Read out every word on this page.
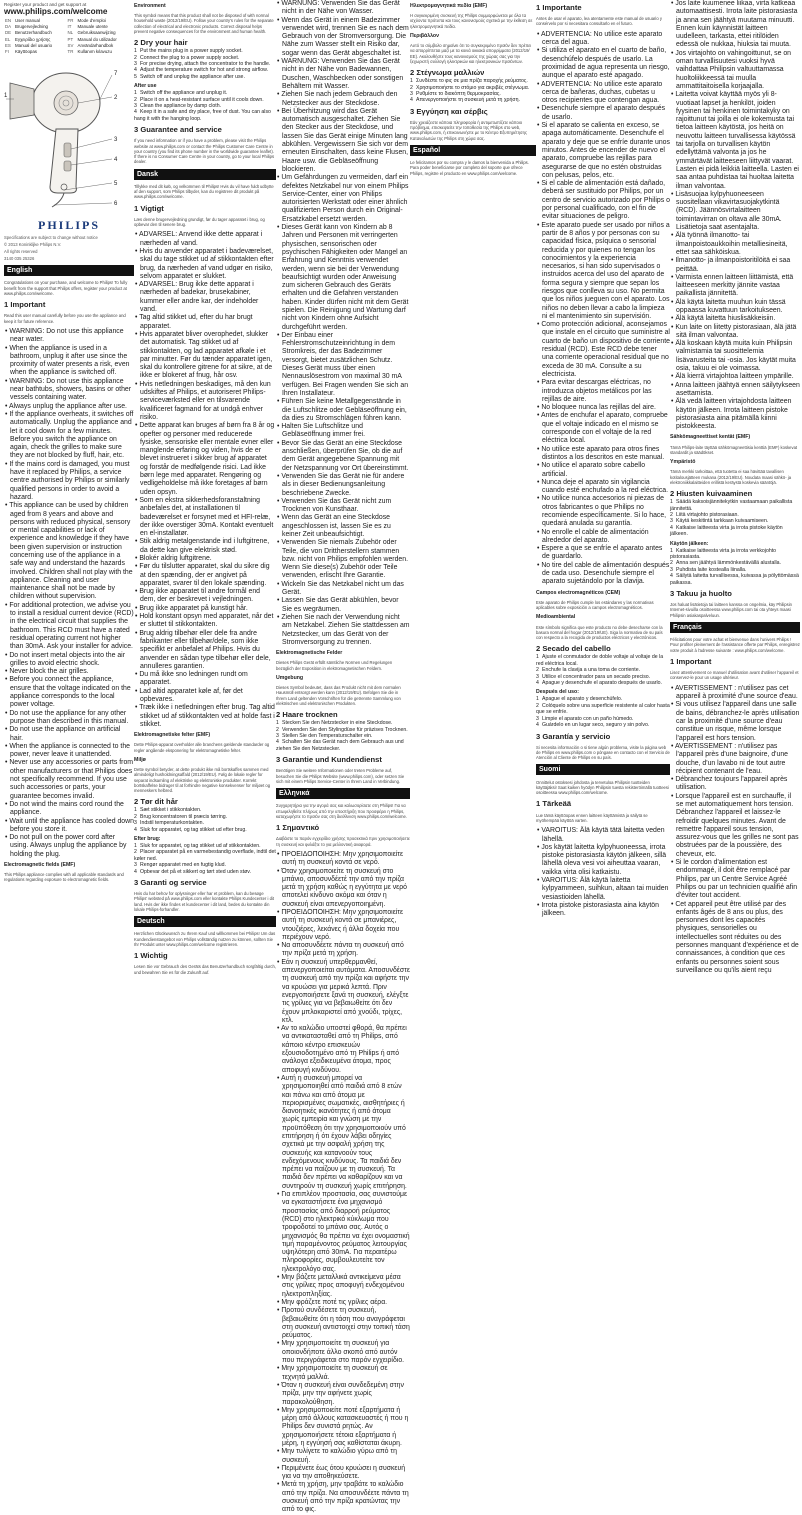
Register your product and get support at

www.philips.com/welcome

EN	User manual	FR	Mode d'emploi
DA	Brugervejledning	IT	Manuale utente
DE	Benutzerhandbuch	NL	Gebruiksaanwijzing
EL	Εγχειρίδιο χρήσης	PT	Manual do utilizador
ES	Manual del usuario	SV	Användarhandbok
FI	Käyttöopas	TR	Kullanım kılavuzu
1	2
3
4
5
6
7
PHILIPS

Specifications are subject to change without notice

© 2013 Koninklijke Philips N.V.

All rights reserved

3140 035 25326

English

Congratulations on your purchase, and welcome to Philips! To fully benefit from the support that Philips offers, register your product at www.philips.com/welcome.

1 Important

Read this user manual carefully before you use the appliance and keep it for future reference.

• WARNING: Do not use this appliance near water.

• When the appliance is used in a bathroom, unplug it after use since the proximity of water presents a risk, even when the appliance is switched off.

• WARNING: Do not use this appliance near bathtubs, showers, basins or other vessels containing water.

• Always unplug the appliance after use.

• If the appliance overheats, it switches off automatically. Unplug the appliance and let it cool down for a few minutes. Before you switch the appliance on again, check the grilles to make sure they are not blocked by fluff, hair, etc.

• If the mains cord is damaged, you must have it replaced by Philips, a service centre authorised by Philips or similarly qualified persons in order to avoid a hazard.

• This appliance can be used by children aged from 8 years and above and persons with reduced physical, sensory or mental capabilities or lack of experience and knowledge if they have been given supervision or instruction concerning use of the appliance in a safe way and understand the hazards involved. Children shall not play with the appliance. Cleaning and user maintenance shall not be made by children without supervision.

• For additional protection, we advise you to install a residual current device (RCD) in the electrical circuit that supplies the bathroom. This RCD must have a rated residual operating current not higher than 30mA. Ask your installer for advice.

• Do not insert metal objects into the air grilles to avoid electric shock.

• Never block the air grilles.

• Before you connect the appliance, ensure that the voltage indicated on the appliance corresponds to the local power voltage.

• Do not use the appliance for any other purpose than described in this manual.

• Do not use the appliance on artificial hair.

• When the appliance is connected to the power, never leave it unattended.

• Never use any accessories or parts from other manufacturers or that Philips does not specifically recommend. If you use such accessories or parts, your guarantee becomes invalid.

• Do not wind the mains cord round the appliance.

• Wait until the appliance has cooled down before you store it.

• Do not pull on the power cord after using. Always unplug the appliance by holding the plug.

Electromagnetic fields (EMF)

This Philips appliance complies with all applicable standards and regulations regarding exposure to electromagnetic fields.

Environment

This symbol means that this product shall not be disposed of with normal household waste (2012/19/EU). Follow your country's rules for the separate collection of electrical and electronic products. Correct disposal helps prevent negative consequences for the environment and human health.

2 Dry your hair

1 Put the mains plug in a power supply socket.

2 Connect the plug to a power supply socket.

3 For precise drying, attach the concentrator to the handle.

4 Adjust the temperature switch for hot and strong airflow.

5 Switch off and unplug the appliance after use.

After use

1 Switch off the appliance and unplug it.

2 Place it on a heat-resistant surface until it cools down.

3 Clean the appliance by damp cloth.

4 Keep it in a safe and dry place, free of dust. You can also hang it with the hanging loop.

3 Guarantee and service

If you need information or if you have a problem, please visit the Philips website at www.philips.com or contact the Philips Customer Care Centre in your country (you find its phone number in the worldwide guarantee leaflet). If there is no Consumer Care Centre in your country, go to your local Philips dealer.

Dansk

Tillykke med dit køb, og velkommen til Philips! Hvis du vil have fuldt udbytte af den support, som Philips tilbyder, kan du registrere dit produkt på www.philips.com/welcome.

1 Vigtigt

Læs denne brugervejledning grundigt, før du tager apparatet i brug, og opbevar den til senere brug.

• ADVARSEL: Anvend ikke dette apparat i nærheden af vand.

• Hvis du anvender apparatet i badeværelset, skal du tage stikket ud af stikkontakten efter brug, da nærheden af vand udgør en risiko, selvom apparatet er slukket.

• ADVARSEL: Brug ikke dette apparat i nærheden af badekar, brusekabiner, kummer eller andre kar, der indeholder vand.

• Tag altid stikket ud, efter du har brugt apparatet.

• Hvis apparatet bliver overophedet, slukker det automatisk. Tag stikket ud af stikkontakten, og lad apparatet afkøle i et par minutter. Før du tænder apparatet igen, skal du kontrollere gitrene for at sikre, at de ikke er blokeret af fnug, hår osv.

• Hvis netledningen beskadiges, må den kun udskiftes af Philips, et autoriseret Philips-serviceværksted eller en tilsvarende kvalificeret fagmand for at undgå enhver risiko.

• Dette apparat kan bruges af børn fra 8 år og opefter og personer med reducerede fysiske, sensoriske eller mentale evner eller manglende erfaring og viden, hvis de er blevet instrueret i sikker brug af apparatet og forstår de medfølgende risici. Lad ikke børn lege med apparatet. Rengøring og vedligeholdelse må ikke foretages af børn uden opsyn.

• Som en ekstra sikkerhedsforanstaltning anbefales det, at installationen til badeværelset er forsynet med et HFI-relæ, der ikke overstiger 30mA. Kontakt eventuelt en el-installatør.

• Stik aldrig metalgenstande ind i luftgitrene, da dette kan give elektrisk stød.

• Blokér aldrig luftgitrene.

• Før du tilslutter apparatet, skal du sikre dig at den spænding, der er angivet på apparatet, svarer til den lokale spænding.

• Brug ikke apparatet til andre formål end dem, der er beskrevet i vejledningen.

• Brug ikke apparatet på kunstigt hår.

• Hold konstant opsyn med apparatet, når det er sluttet til stikkontakten.

• Brug aldrig tilbehør eller dele fra andre fabrikanter eller tilbehør/dele, som ikke specifikt er anbefalet af Philips. Hvis du anvender en sådan type tilbehør eller dele, annulleres garantien.

• Du må ikke sno ledningen rundt om apparatet.

• Lad altid apparatet køle af, før det opbevares.

• Træk ikke i netledningen efter brug. Tag altid stikket ud af stikkontakten ved at holde fast i stikket.

Elektromagnetiske felter (EMF)

Dette Philips-apparat overholder alle branchens gældende standarder og regler angående eksponering for elektromagnetiske felter.

Miljø

Dette symbol betyder, at dette produkt ikke må bortskaffes sammen med almindeligt husholdningsaffald (2012/19/EU). Følg de lokale regler for separat indsamling af elektriske og elektroniske produkter. Korrekt bortskaffelse bidrager til at forhindre negative konsekvenser for miljøet og menneskers helbred.

2 Tør dit hår

1 Sæt stikket i stikkontakten.

2 Brug koncentratoren til præcis tørring.

3 Indstil temperaturkontakten.

4 Sluk for apparatet, og tag stikket ud efter brug.

Efter brug:

1 Sluk for apparatet, og tag stikket ud af stikkontakten.

2 Placer apparatet på en varmebestandig overflade, indtil det køler ned.

3 Rengør apparatet med en fugtig klud.

4 Opbevar det på et sikkert og tørt sted uden støv.

3 Garanti og service

Hvis du har behov for oplysninger eller har et problem, kan du besøge Philips' websted på www.philips.com eller kontakte Philips Kundecenter i dit land. Hvis der ikke findes et kundecenter i dit land, bedes du kontakte din lokale Philips-forhandler.

Deutsch

Herzlichen Glückwunsch zu Ihrem Kauf und willkommen bei Philips! Um das Kundendienstangebot von Philips vollständig nutzen zu können, sollten Sie Ihr Produkt unter www.philips.com/welcome registrieren.

1 Wichtig

Lesen Sie vor Gebrauch des Geräts das Benutzerhandbuch sorgfältig durch, und bewahren Sie es für die Zukunft auf.

• WARNUNG: Verwenden Sie das Gerät nicht in der Nähe von Wasser.

• Wenn das Gerät in einem Badezimmer verwendet wird, trennen Sie es nach dem Gebrauch von der Stromversorgung. Die Nähe zum Wasser stellt ein Risiko dar, sogar wenn das Gerät abgeschaltet ist.

• WARNUNG: Verwenden Sie das Gerät nicht in der Nähe von Badewannen, Duschen, Waschbecken oder sonstigen Behältern mit Wasser.

• Ziehen Sie nach jedem Gebrauch den Netzstecker aus der Steckdose.

• Bei Überhitzung wird das Gerät automatisch ausgeschaltet. Ziehen Sie den Stecker aus der Steckdose, und lassen Sie das Gerät einige Minuten lang abkühlen. Vergewissern Sie sich vor dem erneuten Einschalten, dass keine Flusen, Haare usw. die Gebläseöffnung blockieren.

• Um Gefährdungen zu vermeiden, darf ein defektes Netzkabel nur von einem Philips Service-Center, einer von Philips autorisierten Werkstatt oder einer ähnlich qualifizierten Person durch ein Original-Ersatzkabel ersetzt werden.

• Dieses Gerät kann von Kindern ab 8 Jahren und Personen mit verringerten physischen, sensorischen oder psychischen Fähigkeiten oder Mangel an Erfahrung und Kenntnis verwendet werden, wenn sie bei der Verwendung beaufsichtigt wurden oder Anweisung zum sicheren Gebrauch des Geräts erhalten und die Gefahren verstanden haben. Kinder dürfen nicht mit dem Gerät spielen. Die Reinigung und Wartung darf nicht von Kindern ohne Aufsicht durchgeführt werden.

• Der Einbau einer Fehlerstromschutzeinrichtung in dem Stromkreis, der das Badezimmer versorgt, bietet zusätzlichen Schutz. Dieses Gerät muss über einen Nennauslösestrom von maximal 30 mA verfügen. Bei Fragen wenden Sie sich an Ihren Installateur.

• Führen Sie keine Metallgegenstände in die Luftschlitze oder Gebläseöffnung ein, da dies zu Stromschlägen führen kann.

• Halten Sie Luftschlitze und Gebläseöffnung immer frei.

• Bevor Sie das Gerät an eine Steckdose anschließen, überprüfen Sie, ob die auf dem Gerät angegebene Spannung mit der Netzspannung vor Ort übereinstimmt.

• Verwenden Sie das Gerät nie für andere als in dieser Bedienungsanleitung beschriebene Zwecke.

• Verwenden Sie das Gerät nicht zum Trocknen von Kunsthaar.

• Wenn das Gerät an eine Steckdose angeschlossen ist, lassen Sie es zu keiner Zeit unbeaufsichtigt.

• Verwenden Sie niemals Zubehör oder Teile, die von Drittherstellern stammen bzw. nicht von Philips empfohlen werden. Wenn Sie diese(s) Zubehör oder Teile verwenden, erlischt Ihre Garantie.

• Wickeln Sie das Netzkabel nicht um das Gerät.

• Lassen Sie das Gerät abkühlen, bevor Sie es wegräumen.

• Ziehen Sie nach der Verwendung nicht am Netzkabel. Ziehen Sie stattdessen am Netzstecker, um das Gerät von der Stromversorgung zu trennen.

Elektromagnetische Felder

Dieses Philips Gerät erfüllt sämtliche Normen und Regelungen bezüglich der Exposition in elektromagnetischen Feldern.

Umgebung

Dieses Symbol bedeutet, dass das Produkt nicht mit dem normalen Hausmüll entsorgt werden kann (2012/19/EU). Befolgen Sie die in Ihrem Land geltenden Vorschriften für die getrennte Sammlung von elektrischen und elektronischen Produkten.

2 Haare trocknen

1 Stecken Sie den Netzstecker in eine Steckdose.

2 Verwenden Sie den Stylingdüse für präzises Trocknen.

3 Stellen Sie den Temperaturschalter ein.

4 Schalten Sie das Gerät nach dem Gebrauch aus und ziehen Sie den Netzstecker.

3 Garantie und Kundendienst

Benötigen Sie weitere Informationen oder treten Probleme auf, besuchen Sie die Philips Website (www.philips.com), oder setzen Sie sich mit einem Philips Service-Center in Ihrem Land in Verbindung.

Ελληνικά

Συγχαρητήρια για την αγορά σας και καλωσορίσατε στη Philips! Για να επωφεληθείτε πλήρως από την υποστήριξη που προσφέρει η Philips, καταχωρήστε το προϊόν σας στη διεύθυνση www.philips.com/welcome.

1 Σημαντικό

Διαβάστε το παρόν εγχειρίδιο χρήσης προσεκτικά πριν χρησιμοποιήσετε τη συσκευή και φυλάξτε το για μελλοντική αναφορά.

• ΠΡΟΕΙΔΟΠΟΙΗΣΗ: Μην χρησιμοποιείτε αυτή τη συσκευή κοντά σε νερό.

• Όταν χρησιμοποιείτε τη συσκευή στο μπάνιο, αποσυνδέετέ την από την πρίζα μετά τη χρήση καθώς η εγγύτητα με νερό αποτελεί κίνδυνο ακόμα και όταν η συσκευή είναι απενεργοποιημένη.

• ΠΡΟΕΙΔΟΠΟΙΗΣΗ: Μην χρησιμοποιείτε αυτή τη συσκευή κοντά σε μπανιέρες, ντουζιέρες, λεκάνες ή άλλα δοχεία που περιέχουν νερό.

• Να αποσυνδέετε πάντα τη συσκευή από την πρίζα μετά τη χρήση.

• Εάν η συσκευή υπερθερμανθεί, απενεργοποιείται αυτόματα. Αποσυνδέστε τη συσκευή από την πρίζα και αφήστε την να κρυώσει για μερικά λεπτά. Πριν ενεργοποιήσετε ξανά τη συσκευή, ελέγξτε τις γρίλιες για να βεβαιωθείτε ότι δεν έχουν μπλοκαριστεί από χνούδι, τρίχες, κτλ.

• Αν το καλώδιο υποστεί φθορά, θα πρέπει να αντικατασταθεί από τη Philips, από κάποιο κέντρο επισκευών εξουσιοδοτημένο από τη Philips ή από ανάλογα εξειδικευμένα άτομα, προς αποφυγή κινδύνου.

• Αυτή η συσκευή μπορεί να χρησιμοποιηθεί από παιδιά από 8 ετών και πάνω και από άτομα με περιορισμένες σωματικές, αισθητήριες ή διανοητικές ικανότητες ή από άτομα χωρίς εμπειρία και γνώση με την προϋπόθεση ότι την χρησιμοποιούν υπό επιτήρηση ή ότι έχουν λάβει οδηγίες σχετικά με την ασφαλή χρήση της συσκευής και κατανοούν τους ενδεχόμενους κινδύνους. Τα παιδιά δεν πρέπει να παίζουν με τη συσκευή. Τα παιδιά δεν πρέπει να καθαρίζουν και να συντηρούν τη συσκευή χωρίς επιτήρηση.

• Για επιπλέον προστασία, σας συνιστούμε να εγκαταστήσετε ένα μηχανισμό προστασίας από διαρροή ρεύματος (RCD) στο ηλεκτρικό κύκλωμα που τροφοδοτεί το μπάνιο σας. Αυτός ο μηχανισμός θα πρέπει να έχει ονομαστική τιμή παραμένοντος ρεύματος λειτουργίας υψηλότερη από 30mA. Για περαιτέρω πληροφορίες, συμβουλευτείτε τον ηλεκτρολόγο σας.

• Μην βάζετε μεταλλικά αντικείμενα μέσα στις γρίλιες προς αποφυγή ενδεχομένου ηλεκτροπληξίας.

• Μην φράζετε ποτέ τις γρίλιες αέρα.

• Προτού συνδέσετε τη συσκευή, βεβαιωθείτε ότι η τάση που αναγράφεται στη συσκευή αντιστοιχεί στην τοπική τάση ρεύματος.

• Μην χρησιμοποιείτε τη συσκευή για οποιονδήποτε άλλο σκοπό από αυτόν που περιγράφεται στο παρόν εγχειρίδιο.

• Μην χρησιμοποιείτε τη συσκευή σε τεχνητά μαλλιά.

• Όταν η συσκευή είναι συνδεδεμένη στην πρίζα, μην την αφήνετε χωρίς παρακολούθηση.

• Μην χρησιμοποιείτε ποτέ εξαρτήματα ή μέρη από άλλους κατασκευαστές ή που η Philips δεν συνιστά ρητώς. Αν χρησιμοποιήσετε τέτοια εξαρτήματα ή μέρη, η εγγύησή σας καθίσταται άκυρη.

• Μην τυλίγετε το καλώδιο γύρω από τη συσκευή.

• Περιμένετε έως ότου κρυώσει η συσκευή για να την αποθηκεύσετε.

• Μετά τη χρήση, μην τραβάτε το καλώδιο από την πρίζα. Να αποσυνδέετε πάντα τη συσκευή από την πρίζα κρατώντας την από το φις.

Ηλεκτρομαγνητικά πεδία (EMF)

Η συγκεκριμένη συσκευή της Philips συμμορφώνεται με όλα τα ισχύοντα πρότυπα και τους κανονισμούς σχετικά με την έκθεση σε ηλεκτρομαγνητικά πεδία.

Περιβάλλον

Αυτό το σύμβολο σημαίνει ότι το συγκεκριμένο προϊόν δεν πρέπει να απορρίπτεται μαζί με τα κοινά οικιακά απορρίμματα (2012/19/ΕΕ). Ακολουθήστε τους κανονισμούς της χώρας σας για την ξεχωριστή συλλογή ηλεκτρικών και ηλεκτρονικών προϊόντων.

2 Στέγνωμα μαλλιών

1 Συνδέστε το φις σε μια πρίζα παροχής ρεύματος.

2 Χρησιμοποιήστε το στόμιο για ακριβές στέγνωμα.

3 Ρυθμίστε το διακόπτη θερμοκρασίας.

4 Απενεργοποιήστε τη συσκευή μετά τη χρήση.

3 Εγγύηση και σέρβις

Εάν χρειάζεστε κάποια πληροφορία ή αντιμετωπίζετε κάποιο πρόβλημα, επισκεφτείτε την τοποθεσία της Philips στο web, www.philips.com, ή επικοινωνήστε με το Κέντρο Εξυπηρέτησης Καταναλωτών της Philips στη χώρα σας.

Español

Le felicitamos por su compra y le damos la bienvenida a Philips. Para poder beneficiarse por completo del soporte que ofrece Philips, registre el producto en www.philips.com/welcome.

1 Importante

Antes de usar el aparato, lea atentamente este manual de usuario y consérvelo por si necesitara consultarlo en el futuro.

• ADVERTENCIA: No utilice este aparato cerca del agua.

• Si utiliza el aparato en el cuarto de baño, desenchúfelo después de usarlo. La proximidad de agua representa un riesgo, aunque el aparato esté apagado.

• ADVERTENCIA: No utilice este aparato cerca de bañeras, duchas, cubetas u otros recipientes que contengan agua.

• Desenchufe siempre el aparato después de usarlo.

• Si el aparato se calienta en exceso, se apaga automáticamente. Desenchufe el aparato y deje que se enfríe durante unos minutos. Antes de encender de nuevo el aparato, compruebe las rejillas para asegurarse de que no estén obstruidas con pelusas, pelos, etc.

• Si el cable de alimentación está dañado, deberá ser sustituido por Philips, por un centro de servicio autorizado por Philips o por personal cualificado, con el fin de evitar situaciones de peligro.

• Este aparato puede ser usado por niños a partir de 8 años y por personas con su capacidad física, psíquica o sensorial reducida y por quienes no tengan los conocimientos y la experiencia necesarios, si han sido supervisados o instruidos acerca del uso del aparato de forma segura y siempre que sepan los riesgos que conlleva su uso. No permita que los niños jueguen con el aparato. Los niños no deben llevar a cabo la limpieza ni el mantenimiento sin supervisión.

• Como protección adicional, aconsejamos que instale en el circuito que suministre al cuarto de baño un dispositivo de corriente residual (RCD). Este RCD debe tener una corriente operacional residual que no exceda de 30 mA. Consulte a su electricista.

• Para evitar descargas eléctricas, no introduzca objetos metálicos por las rejillas de aire.

• No bloquee nunca las rejillas del aire.

• Antes de enchufar el aparato, compruebe que el voltaje indicado en el mismo se corresponde con el voltaje de la red eléctrica local.

• No utilice este aparato para otros fines distintos a los descritos en este manual.

• No utilice el aparato sobre cabello artificial.

• Nunca deje el aparato sin vigilancia cuando esté enchufado a la red eléctrica.

• No utilice nunca accesorios ni piezas de otros fabricantes o que Philips no recomiende específicamente. Si lo hace, quedará anulada su garantía.

• No enrolle el cable de alimentación alrededor del aparato.

• Espere a que se enfríe el aparato antes de guardarlo.

• No tire del cable de alimentación después de cada uso. Desenchufe siempre el aparato sujetándolo por la clavija.

Campos electromagnéticos (CEM)

Este aparato de Philips cumple los estándares y las normativas aplicables sobre exposición a campos electromagnéticos.

Medioambiental

Este símbolo significa que este producto no debe desecharse con la basura normal del hogar (2012/19/UE). Siga la normativa de su país con respecto a la recogida de productos eléctricos y electrónicos.

2 Secado del cabello

1 Ajuste el conmutador de doble voltaje al voltaje de la red eléctrica local.

2 Enchufe la clavija a una toma de corriente.

3 Utilice el concentrador para un secado preciso.

4 Apague y desenchufe el aparato después de usarlo.

Después del uso:

1 Apague el aparato y desenchúfelo.

2 Colóquelo sobre una superficie resistente al calor hasta que se enfríe.

3 Limpie el aparato con un paño húmedo.

4 Guárdelo en un lugar seco, seguro y sin polvo.

3 Garantía y servicio

Si necesita información o si tiene algún problema, visite la página web de Philips en www.philips.com o póngase en contacto con el Servicio de Atención al Cliente de Philips en su país.

Suomi

Onnittelut ostoksesi johdosta ja tervetuloa Philipsin tuotteiden käyttäjäksi! Saat kaiken hyödyn Philipsin tuesta rekisteröimällä tuotteesi osoitteessa www.philips.com/welcome.

1 Tärkeää

Lue tämä käyttöopas ennen laitteen käyttämistä ja säilytä se myöhempää käyttöä varten.

• VAROITUS: Älä käytä tätä laitetta veden lähellä.

• Jos käytät laitetta kylpyhuoneessa, irrota pistoke pistorasiasta käytön jälkeen, sillä lähellä oleva vesi voi aiheuttaa vaaran, vaikka virta olisi katkaistu.

• VAROITUS: Älä käytä laitetta kylpyammeen, suihkun, altaan tai muiden vesiastioiden lähellä.

• Irrota pistoke pistorasiasta aina käytön jälkeen.

• Jos laite kuumenee liikaa, virta katkeaa automaattisesti. Irrota laite pistorasiasta ja anna sen jäähtyä muutama minuutti. Ennen kuin käynnistät laitteen uudelleen, tarkasta, ettei ritilöiden edessä ole nukkaa, hiuksia tai muuta.

• Jos virtajohto on vahingoittunut, se on oman turvallisuutesi vuoksi hyvä vaihdattaa Philipsin valtuuttamassa huoltoliikkeessä tai muulla ammattitaitoisella korjaajalla.

• Laitetta voivat käyttää myös yli 8-vuotiaat lapset ja henkilöt, joiden fyysinen tai henkinen toimintakyky on rajoittunut tai joilla ei ole kokemusta tai tietoa laitteen käytöstä, jos heitä on neuvottu laitteen turvallisessa käytössä tai tarjolla on turvallisen käytön edellyttämä valvonta ja jos he ymmärtävät laitteeseen liittyvät vaarat. Lasten ei pidä leikkiä laitteella. Lasten ei saa antaa puhdistaa tai huoltaa laitetta ilman valvontaa.

• Lisäsuojaa kylpyhuoneeseen suositellaan vikavirtasuojakytkintä (RCD). Jäännösvirtalaitteen toimintavirran on oltava alle 30mA. Lisätietoja saat asentajalta.

• Älä työnnä ilmanotto- tai ilmanpoistoaukkoihin metalliesineitä, ettet saa sähköiskua.

• Ilmanotto- ja ilmanpoistoritilöitä ei saa peittää.

• Varmista ennen laitteen liittämistä, että laitteeseen merkitty jännite vastaa paikallista jännitettä.

• Älä käytä laitetta muuhun kuin tässä oppaassa kuvattuun tarkoitukseen.

• Älä käytä laitetta hiuslisäkkeisiin.

• Kun laite on liitetty pistorasiaan, älä jätä sitä ilman valvontaa.

• Älä koskaan käytä muita kuin Philipsin valmistamia tai suosittelemia lisävarusteita tai -osia. Jos käytät muita osia, takuu ei ole voimassa.

• Älä kierrä virtajohtoa laitteen ympärille.

• Anna laitteen jäähtyä ennen säilytykseen asettamista.

• Älä vedä laitteen virtajohdosta laitteen käytön jälkeen. Irrota laitteen pistoke pistorasiasta aina pitämällä kiinni pistokkeesta.

Sähkömagneettiset kentät (EMF)

Tämä Philips-laite täyttää sähkömagneettisia kenttiä (EMF) koskevat standardit ja säädökset.

Ympäristö

Tämä merkki tarkoittaa, että tuotetta ei saa hävittää tavallisen kotitalousjätteen mukana (2012/19/EU). Noudata maasi sähkö- ja elektroniikkalaitteiden erillistä keräystä koskevia sääntöjä.

2 Hiusten kuivaaminen

1 Säädä kaksoisjännitekytkin vastaamaan paikallista jännitettä.

2 Liitä virtajohto pistorasiaan.

3 Käytä keskitintä tarkkaan kuivaamiseen.

4 Katkaise laitteesta virta ja irrota pistoke käytön jälkeen.

Käytön jälkeen:

1 Katkaise laitteesta virta ja irrota verkkojohto pistorasiasta.

2 Anna sen jäähtyä lämmönkestävällä alustalla.

3 Puhdista laite kostealla liinalla.

4 Säilytä laitetta turvallisessa, kuivassa ja pölyttömässä paikassa.

3 Takuu ja huolto

Jos haluat lisätietoja tai laitteen kanssa on ongelmia, käy Philipsin Internet-sivuilla osoitteessa www.philips.com tai ota yhteys maasi Philipsin asiakaspalveluun.

Français

Félicitations pour votre achat et bienvenue dans l'univers Philips ! Pour profiter pleinement de l'assistance offerte par Philips, enregistrez votre produit à l'adresse suivante : www.philips.com/welcome.

1 Important

Lisez attentivement ce manuel d'utilisation avant d'utiliser l'appareil et conservez-le pour un usage ultérieur.

• AVERTISSEMENT : n'utilisez pas cet appareil à proximité d'une source d'eau.

• Si vous utilisez l'appareil dans une salle de bains, débranchez-le après utilisation car la proximité d'une source d'eau constitue un risque, même lorsque l'appareil est hors tension.

• AVERTISSEMENT : n'utilisez pas l'appareil près d'une baignoire, d'une douche, d'un lavabo ni de tout autre récipient contenant de l'eau.

• Débranchez toujours l'appareil après utilisation.

• Lorsque l'appareil est en surchauffe, il se met automatiquement hors tension. Débranchez l'appareil et laissez-le refroidir quelques minutes. Avant de remettre l'appareil sous tension, assurez-vous que les grilles ne sont pas obstruées par de la poussière, des cheveux, etc.

• Si le cordon d'alimentation est endommagé, il doit être remplacé par Philips, par un Centre Service Agréé Philips ou par un technicien qualifié afin d'éviter tout accident.

• Cet appareil peut être utilisé par des enfants âgés de 8 ans ou plus, des personnes dont les capacités physiques, sensorielles ou intellectuelles sont réduites ou des personnes manquant d'expérience et de connaissances, à condition que ces enfants ou personnes soient sous surveillance ou qu'ils aient reçu
